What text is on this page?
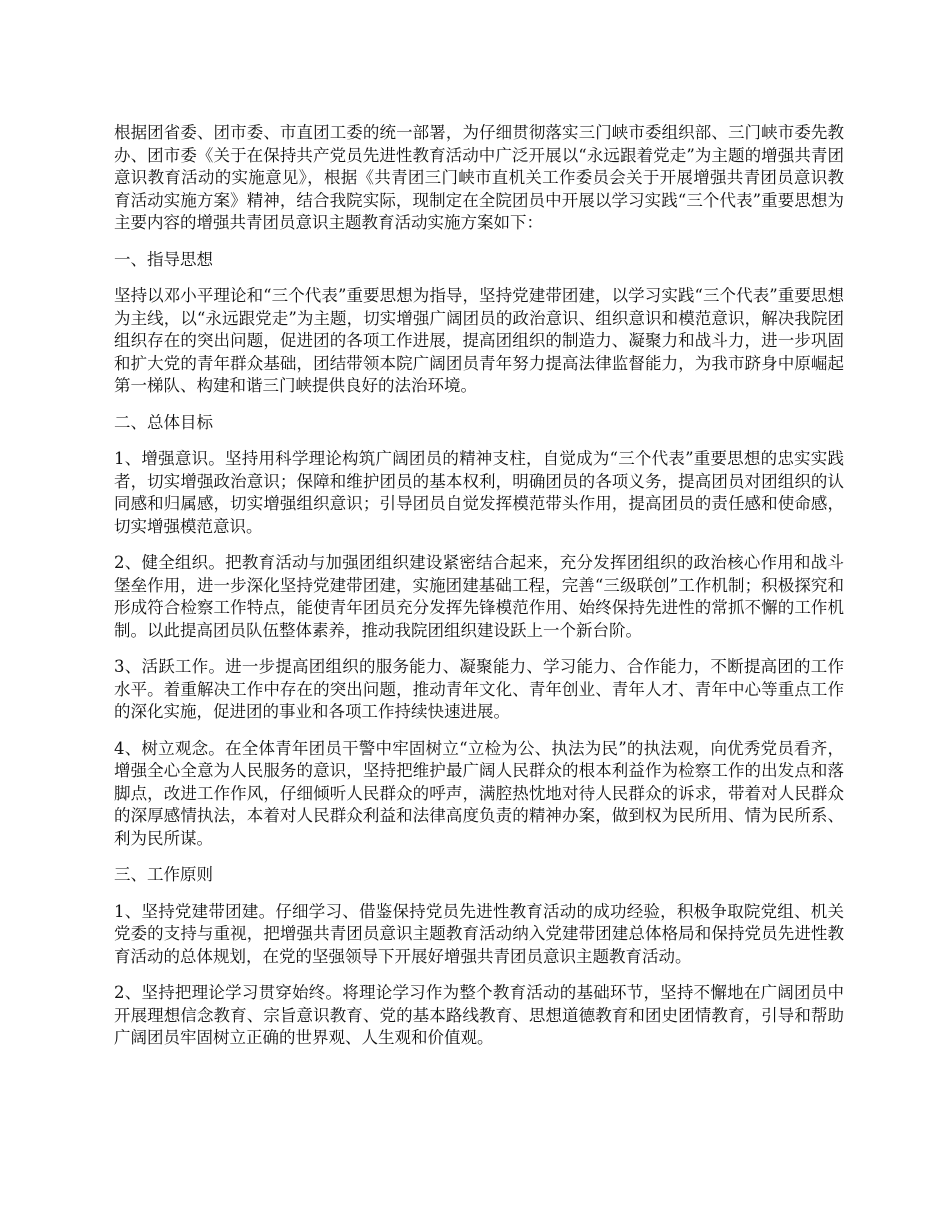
根据团省委、团市委、市直团工委的统一部署，为仔细贯彻落实三门峡市委组织部、三门峡市委先教办、团市委《关于在保持共产党员先进性教育活动中广泛开展以“永远跟着党走”为主题的增强共青团意识教育活动的实施意见》，根据《共青团三门峡市直机关工作委员会关于开展增强共青团员意识教育活动实施方案》精神，结合我院实际，现制定在全院团员中开展以学习实践“三个代表”重要思想为主要内容的增强共青团员意识主题教育活动实施方案如下：

一、指导思想

坚持以邓小平理论和“三个代表”重要思想为指导，坚持党建带团建，以学习实践“三个代表”重要思想为主线，以“永远跟党走”为主题，切实增强广阔团员的政治意识、组织意识和模范意识，解决我院团组织存在的突出问题，促进团的各项工作进展，提高团组织的制造力、凝聚力和战斗力，进一步巩固和扩大党的青年群众基础，团结带领本院广阔团员青年努力提高法律监督能力，为我市跻身中原崛起第一梯队、构建和谐三门峡提供良好的法治环境。

二、总体目标

1、增强意识。坚持用科学理论构筑广阔团员的精神支柱，自觉成为“三个代表”重要思想的忠实实践者，切实增强政治意识；保障和维护团员的基本权利，明确团员的各项义务，提高团员对团组织的认同感和归属感，切实增强组织意识；引导团员自觉发挥模范带头作用，提高团员的责任感和使命感，切实增强模范意识。

2、健全组织。把教育活动与加强团组织建设紧密结合起来，充分发挥团组织的政治核心作用和战斗堡垒作用，进一步深化坚持党建带团建，实施团建基础工程，完善“三级联创”工作机制；积极探究和形成符合检察工作特点，能使青年团员充分发挥先锋模范作用、始终保持先进性的常抓不懈的工作机制。以此提高团员队伍整体素养，推动我院团组织建设跃上一个新台阶。

3、活跃工作。进一步提高团组织的服务能力、凝聚能力、学习能力、合作能力，不断提高团的工作水平。着重解决工作中存在的突出问题，推动青年文化、青年创业、青年人才、青年中心等重点工作的深化实施，促进团的事业和各项工作持续快速进展。

4、树立观念。在全体青年团员干警中牢固树立“立检为公、执法为民”的执法观，向优秀党员看齐，增强全心全意为人民服务的意识，坚持把维护最广阔人民群众的根本利益作为检察工作的出发点和落脚点，改进工作作风，仔细倾听人民群众的呼声，满腔热忱地对待人民群众的诉求，带着对人民群众的深厚感情执法，本着对人民群众利益和法律高度负责的精神办案，做到权为民所用、情为民所系、利为民所谋。

三、工作原则

1、坚持党建带团建。仔细学习、借鉴保持党员先进性教育活动的成功经验，积极争取院党组、机关党委的支持与重视，把增强共青团员意识主题教育活动纳入党建带团建总体格局和保持党员先进性教育活动的总体规划，在党的坚强领导下开展好增强共青团员意识主题教育活动。

2、坚持把理论学习贯穿始终。将理论学习作为整个教育活动的基础环节，坚持不懈地在广阔团员中开展理想信念教育、宗旨意识教育、党的基本路线教育、思想道德教育和团史团情教育，引导和帮助广阔团员牢固树立正确的世界观、人生观和价值观。
